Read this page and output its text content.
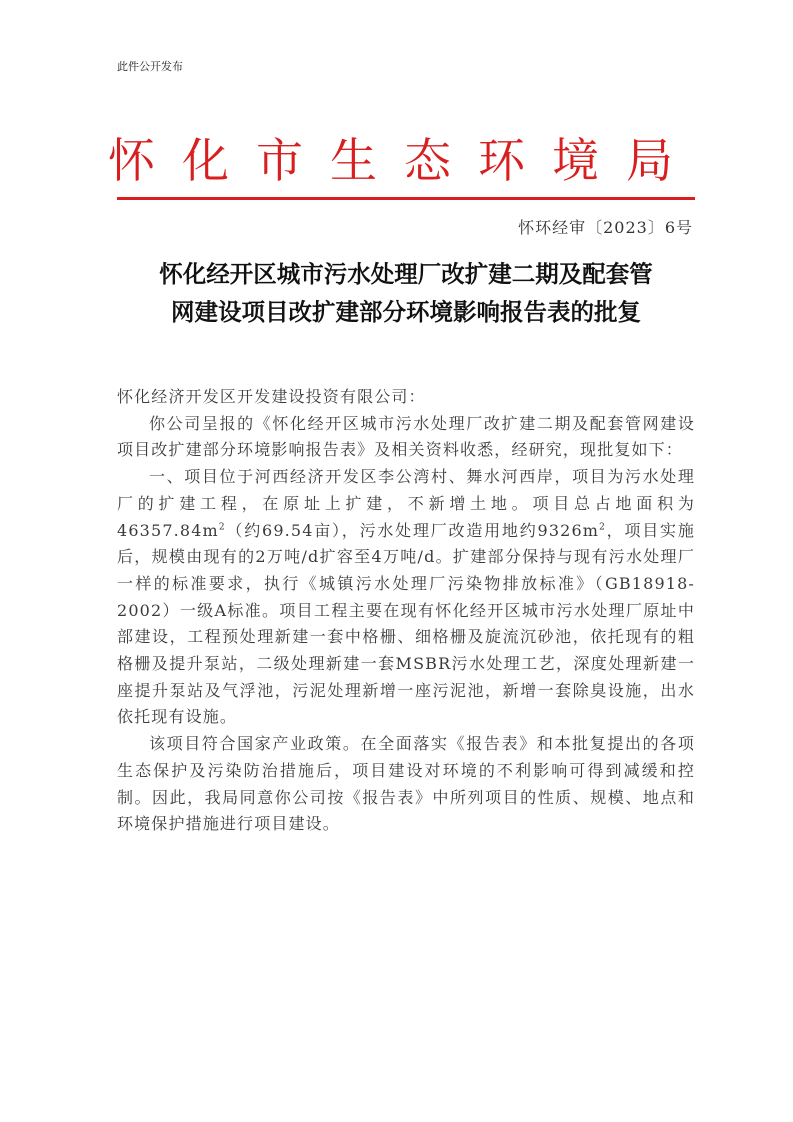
此件公开发布
怀 化 市 生 态 环 境 局
怀环经审〔2023〕6号
怀化经开区城市污水处理厂改扩建二期及配套管
网建设项目改扩建部分环境影响报告表的批复

怀化经济开发区开发建设投资有限公司：

你公司呈报的《怀化经开区城市污水处理厂改扩建二期及配套管网建设项目改扩建部分环境影响报告表》及相关资料收悉，经研究，现批复如下：

一、项目位于河西经济开发区李公湾村、舞水河西岸，项目为污水处理厂的扩建工程，在原址上扩建，不新增土地。项目总占地面积为$46357.84m^2$（约69.54亩），污水处理厂改造用地约$9326m^2$，项目实施后，规模由现有的2万吨/d扩容至4万吨/d。扩建部分保持与现有污水处理厂一样的标准要求，执行《城镇污水处理厂污染物排放标准》（GB18918-2002）一级A标准。项目工程主要在现有怀化经开区城市污水处理厂原址中部建设，工程预处理新建一套中格栅、细格栅及旋流沉砂池，依托现有的粗格栅及提升泵站，二级处理新建一套MSBR污水处理工艺，深度处理新建一座提升泵站及气浮池，污泥处理新增一座污泥池，新增一套除臭设施，出水依托现有设施。

该项目符合国家产业政策。在全面落实《报告表》和本批复提出的各项生态保护及污染防治措施后，项目建设对环境的不利影响可得到减缓和控制。因此，我局同意你公司按《报告表》中所列项目的性质、规模、地点和环境保护措施进行项目建设。
